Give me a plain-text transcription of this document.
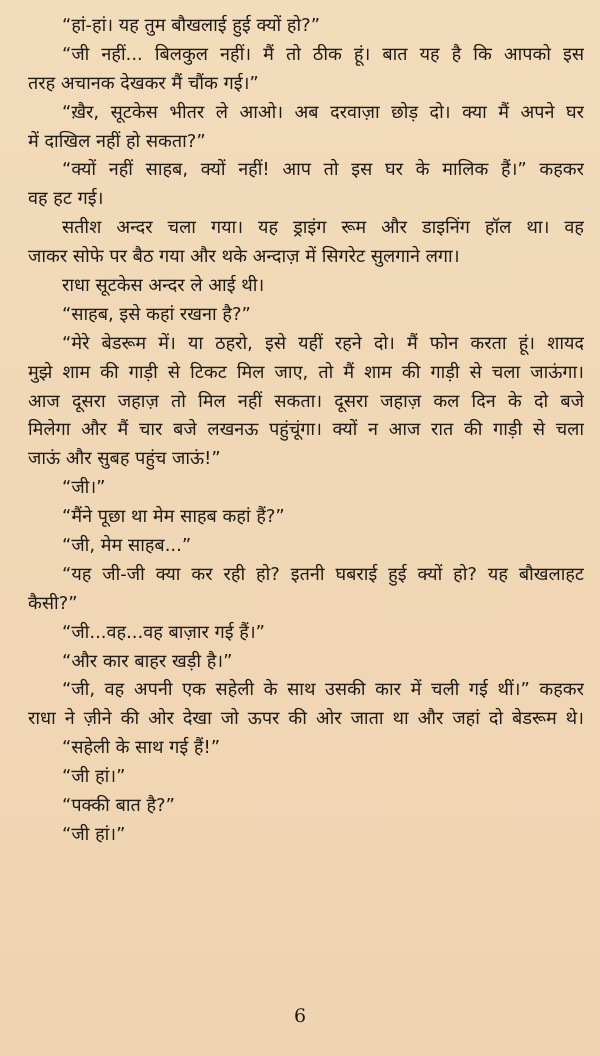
“हां-हां। यह तुम बौखलाई हुई क्यों हो?”
“जी नहीं... बिलकुल नहीं। मैं तो ठीक हूं। बात यह है कि आपको इस
तरह अचानक देखकर मैं चौंक गई।”
“ख़ैर, सूटकेस भीतर ले आओ। अब दरवाज़ा छोड़ दो। क्या मैं अपने घर
में दाखिल नहीं हो सकता?”
“क्यों नहीं साहब, क्यों नहीं! आप तो इस घर के मालिक हैं।” कहकर
वह हट गई।
सतीश अन्दर चला गया। यह ड्राइंग रूम और डाइनिंग हॉल था। वह
जाकर सोफे पर बैठ गया और थके अन्दाज़ में सिगरेट सुलगाने लगा।
राधा सूटकेस अन्दर ले आई थी।
“साहब, इसे कहां रखना है?”
“मेरे बेडरूम में। या ठहरो, इसे यहीं रहने दो। मैं फोन करता हूं। शायद
मुझे शाम की गाड़ी से टिकट मिल जाए, तो मैं शाम की गाड़ी से चला जाऊंगा।
आज दूसरा जहाज़ तो मिल नहीं सकता। दूसरा जहाज़ कल दिन के दो बजे
मिलेगा और मैं चार बजे लखनऊ पहुंचूंगा। क्यों न आज रात की गाड़ी से चला
जाऊं और सुबह पहुंच जाऊं!”
“जी।”
“मैंने पूछा था मेम साहब कहां हैं?”
“जी, मेम साहब...”
“यह जी-जी क्या कर रही हो? इतनी घबराई हुई क्यों हो? यह बौखलाहट
कैसी?”
“जी...वह...वह बाज़ार गई हैं।”
“और कार बाहर खड़ी है।”
“जी, वह अपनी एक सहेली के साथ उसकी कार में चली गई थीं।” कहकर
राधा ने ज़ीने की ओर देखा जो ऊपर की ओर जाता था और जहां दो बेडरूम थे।
“सहेली के साथ गई हैं!”
“जी हां।”
“पक्की बात है?”
“जी हां।”
6
